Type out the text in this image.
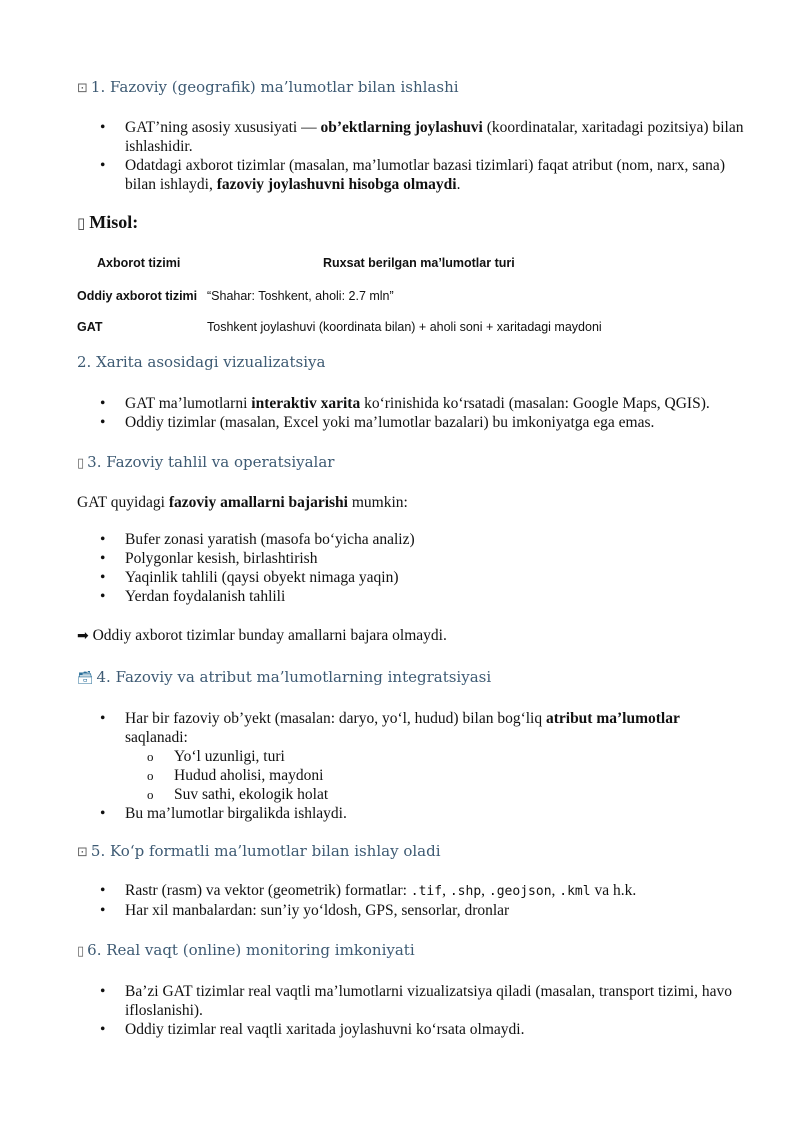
⊡ 1. Fazoviy (geografik) ma’lumotlar bilan ishlashi
• GAT’ning asosiy xususiyati — ob’ektlarning joylashuvi (koordinatalar, xaritadagi pozitsiya) bilan ishlashidir.
• Odatdagi axborot tizimlar (masalan, ma’lumotlar bazasi tizimlari) faqat atribut (nom, narx, sana) bilan ishlaydi, fazoviy joylashuvni hisobga olmaydi.
▯ Misol:
Axborot tizimi	Ruxsat berilgan ma’lumotlar turi
Oddiy axborot tizimi “Shahar: Toshkent, aholi: 2.7 mln”
GAT	Toshkent joylashuvi (koordinata bilan) + aholi soni + xaritadagi maydoni
2. Xarita asosidagi vizualizatsiya
• GAT ma’lumotlarni interaktiv xarita koʻrinishida koʻrsatadi (masalan: Google Maps, QGIS).
• Oddiy tizimlar (masalan, Excel yoki ma’lumotlar bazalari) bu imkoniyatga ega emas.
▯ 3. Fazoviy tahlil va operatsiyalar
GAT quyidagi fazoviy amallarni bajarishi mumkin:
• Bufer zonasi yaratish (masofa boʻyicha analiz)
• Polygonlar kesish, birlashtirish
• Yaqinlik tahlili (qaysi obyekt nimaga yaqin)
• Yerdan foydalanish tahlili
➡ Oddiy axborot tizimlar bunday amallarni bajara olmaydi.
🗃 4. Fazoviy va atribut ma’lumotlarning integratsiyasi
• Har bir fazoviy ob’yekt (masalan: daryo, yoʻl, hudud) bilan bogʻliq atribut ma’lumotlar saqlanadi:
o Yoʻl uzunligi, turi
o Hudud aholisi, maydoni
o Suv sathi, ekologik holat
• Bu ma’lumotlar birgalikda ishlaydi.
⊡ 5. Koʻp formatli ma’lumotlar bilan ishlay oladi
• Rastr (rasm) va vektor (geometrik) formatlar: .tif, .shp, .geojson, .kml va h.k.
• Har xil manbalardan: sun’iy yoʻldosh, GPS, sensorlar, dronlar
▯ 6. Real vaqt (online) monitoring imkoniyati
• Ba’zi GAT tizimlar real vaqtli ma’lumotlarni vizualizatsiya qiladi (masalan, transport tizimi, havo ifloslanishi).
• Oddiy tizimlar real vaqtli xaritada joylashuvni koʻrsata olmaydi.
